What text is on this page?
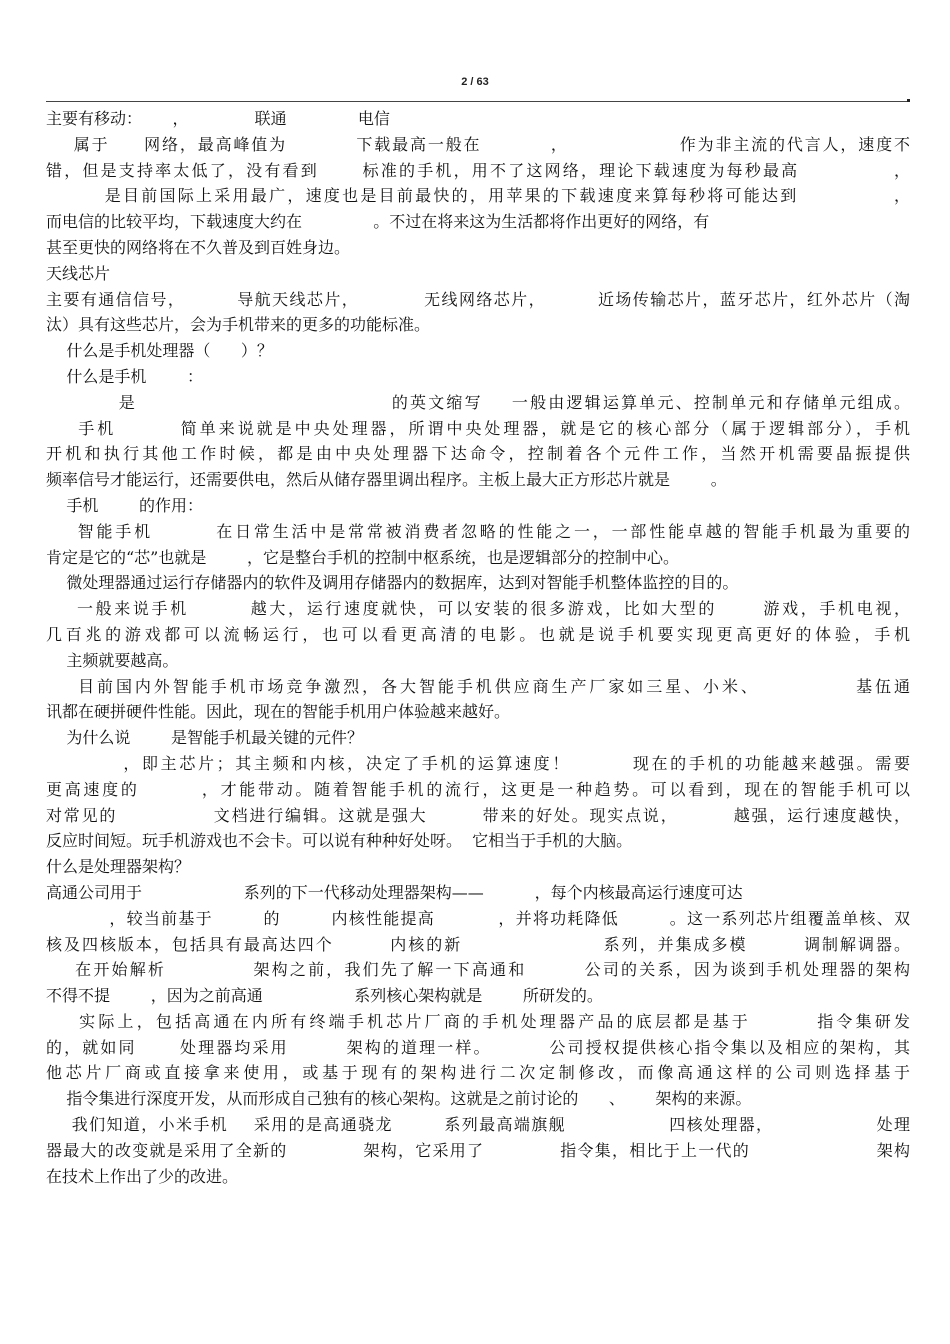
2 / 63
主要有移动：      ，             联通              电信
属于     网络，最高峰值为          下载最高一般在          ，                作为非主流的代言人，速度不
错，但是支持率太低了，没有看到      标准的手机，用不了这网络，理论下载速度为每秒最高             ，
是目前国际上采用最广，速度也是目前最快的，用苹果的下载速度来算每秒将可能达到             ，
而电信的比较平均，下载速度大约在              。不过在将来这为生活都将作出更好的网络，有
甚至更快的网络将在不久普及到百姓身边。
天线芯片
主要有通信信号，        导航天线芯片，          无线网络芯片，        近场传输芯片，蓝牙芯片，红外芯片（淘
汰）具有这些芯片，会为手机带来的更多的功能标准。
什么是手机处理器（      ）？
什么是手机        ：
是                                   的英文缩写    一般由逻辑运算单元、控制单元和存储单元组成。
手机        简单来说就是中央处理器，所谓中央处理器，就是它的核心部分（属于逻辑部分），手机
开机和执行其他工作时候，都是由中央处理器下达命令，控制着各个元件工作，当然开机需要晶振提供
频率信号才能运行，还需要供电，然后从储存器里调出程序。主板上最大正方形芯片就是        。
手机        的作用：
智能手机        在日常生活中是常常被消费者忽略的性能之一，一部性能卓越的智能手机最为重要的
肯定是它的“芯”也就是        ，它是整台手机的控制中枢系统，也是逻辑部分的控制中心。
微处理器通过运行存储器内的软件及调用存储器内的数据库，达到对智能手机整体监控的目的。
一般来说手机        越大，运行速度就快，可以安装的很多游戏，比如大型的      游戏，手机电视，
几百兆的游戏都可以流畅运行，也可以看更高清的电影。也就是说手机要实现更高更好的体验，手机
主频就要越高。
目前国内外智能手机市场竞争激烈，各大智能手机供应商生产厂家如三星、小米、            基伍通
讯都在硬拼硬件性能。因此，现在的智能手机用户体验越来越好。
为什么说        是智能手机最关键的元件？
，即主芯片；其主频和内核，决定了手机的运算速度！        现在的手机的功能越来越强。需要
更高速度的        ，才能带动。随着智能手机的流行，这更是一种趋势。可以看到，现在的智能手机可以
对常见的              文档进行编辑。这就是强大        带来的好处。现实点说，        越强，运行速度越快，
反应时间短。玩手机游戏也不会卡。可以说有种种好处呀。  它相当于手机的大脑。
什么是处理器架构？
高通公司用于                    系列的下一代移动处理器架构——          ，每个内核最高运行速度可达
，较当前基于        的        内核性能提高          ，并将功耗降低        。这一系列芯片组覆盖单核、双
核及四核版本，包括具有最高达四个        内核的新                    系列，并集成多模        调制解调器。
在开始解析            架构之前，我们先了解一下高通和        公司的关系，因为谈到手机处理器的架构
不得不提        ，因为之前高通                  系列核心架构就是        所研发的。
实际上，包括高通在内所有终端手机芯片厂商的手机处理器产品的底层都是基于        指令集研发
的，就如同      处理器均采用        架构的道理一样。        公司授权提供核心指令集以及相应的架构，其
他芯片厂商或直接拿来使用，或基于现有的架构进行二次定制修改，而像高通这样的公司则选择基于
指令集进行深度开发，从而形成自己独有的核心架构。这就是之前讨论的      、      架构的来源。
我们知道，小米手机    采用的是高通骁龙        系列最高端旗舰                四核处理器，                处理
器最大的改变就是采用了全新的            架构，它采用了            指令集，相比于上一代的                    架构
在技术上作出了少的改进。
